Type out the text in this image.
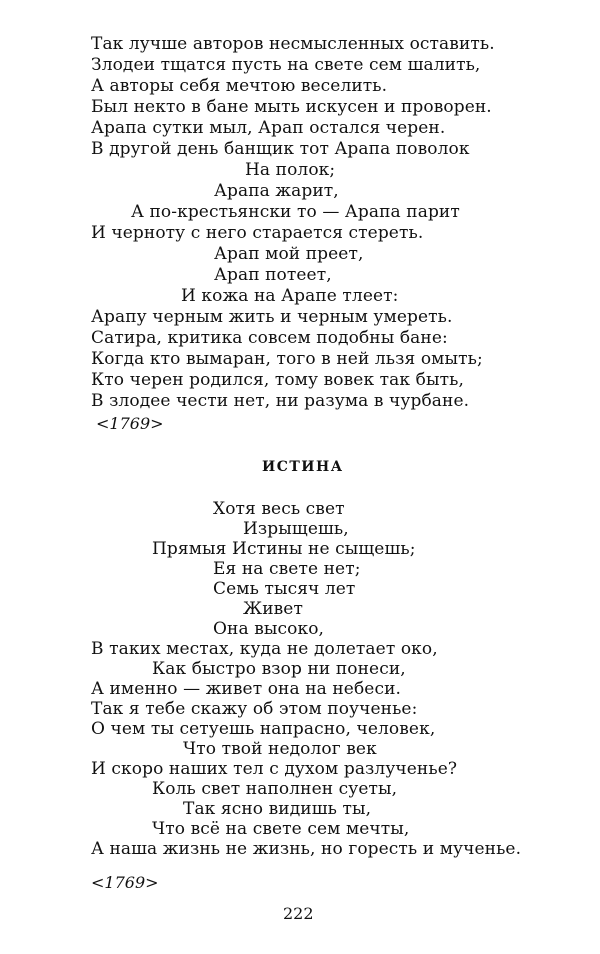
Так лучше авторов несмысленных оставить.
Злодеи тщатся пусть на свете сем шалить,
А авторы себя мечтою веселить.
Был некто в бане мыть искусен и проворен.
Арапа сутки мыл, Арап остался черен.
В другой день банщик тот Арапа поволок
На полок;
Арапа жарит,
А по-крестьянски то — Арапа парит
И черноту с него старается стереть.
Арап мой преет,
Арап потеет,
И кожа на Арапе тлеет:
Арапу черным жить и черным умереть.
Сатира, критика совсем подобны бане:
Когда кто вымаран, того в ней льзя омыть;
Кто черен родился, тому вовек так быть,
В злодее чести нет, ни разума в чурбане.
<1769>
ИСТИНА
Хотя весь свет
Изрыщешь,
Прямыя Истины не сыщешь;
Ея на свете нет;
Семь тысяч лет
Живет
Она высоко,
В таких местах, куда не долетает око,
Как быстро взор ни понеси,
А именно — живет она на небеси.
Так я тебе скажу об этом поученье:
О чем ты сетуешь напрасно, человек,
Что твой недолог век
И скоро наших тел с духом разлученье?
Коль свет наполнен суеты,
Так ясно видишь ты,
Что всё на свете сем мечты,
А наша жизнь не жизнь, но горесть и мученье.
<1769>
222
